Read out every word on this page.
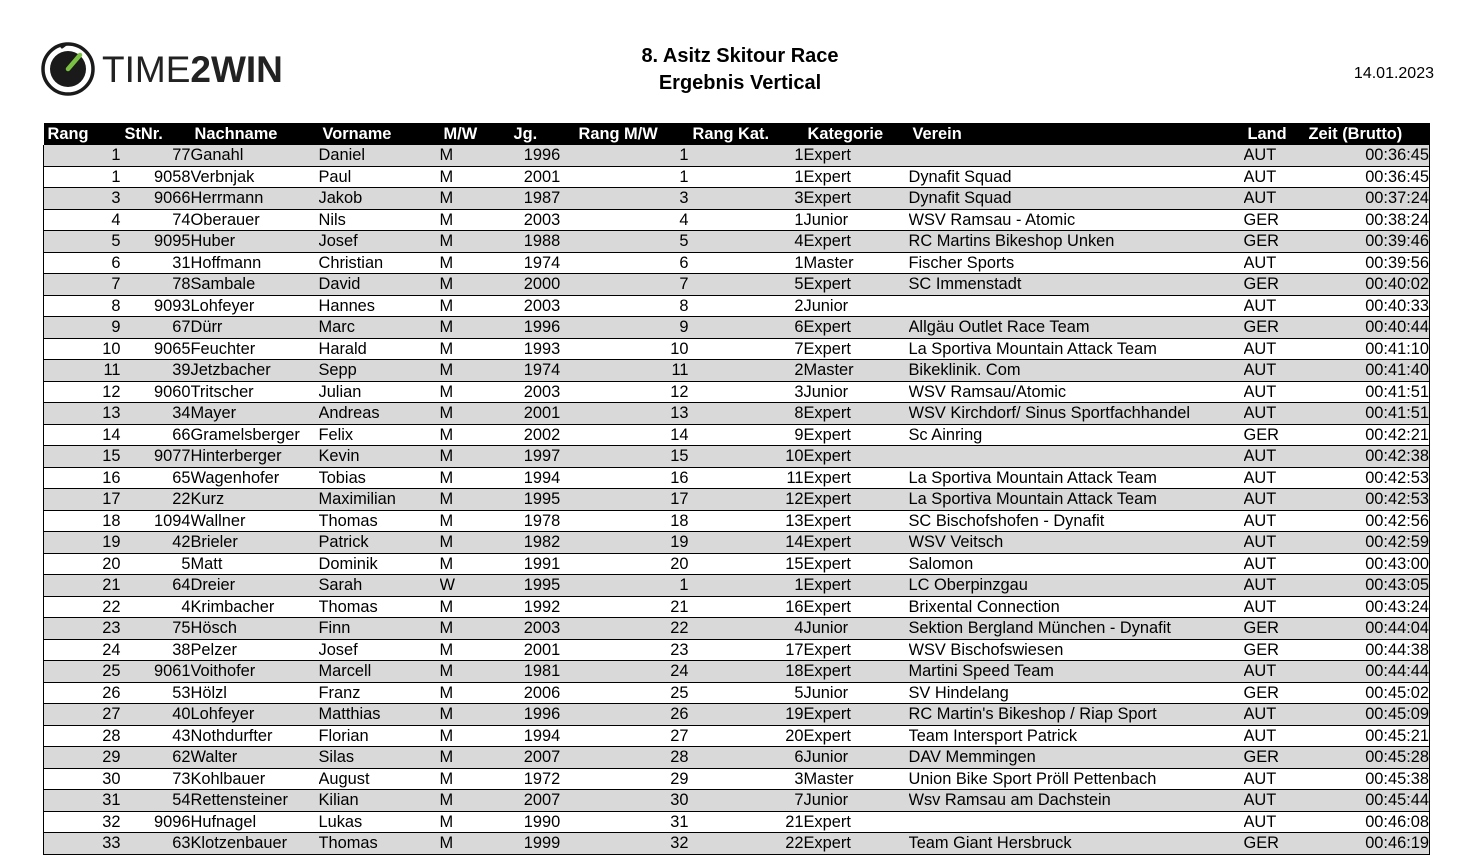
TIME2WIN	8. Asitz Skitour Race
Ergebnis Vertical	14.01.2023
Rang	StNr.	Nachname	Vorname	M/W	Jg.	Rang M/W	Rang Kat.	Kategorie	Verein	Land	Zeit (Brutto)
1	77	Ganahl	Daniel	M	1996	1	1	Expert		AUT	00:36:45
1	9058	Verbnjak	Paul	M	2001	1	1	Expert	Dynafit Squad	AUT	00:36:45
3	9066	Herrmann	Jakob	M	1987	3	3	Expert	Dynafit Squad	AUT	00:37:24
4	74	Oberauer	Nils	M	2003	4	1	Junior	WSV Ramsau - Atomic	GER	00:38:24
5	9095	Huber	Josef	M	1988	5	4	Expert	RC Martins Bikeshop Unken	GER	00:39:46
6	31	Hoffmann	Christian	M	1974	6	1	Master	Fischer Sports	AUT	00:39:56
7	78	Sambale	David	M	2000	7	5	Expert	SC Immenstadt	GER	00:40:02
8	9093	Lohfeyer	Hannes	M	2003	8	2	Junior		AUT	00:40:33
9	67	Dürr	Marc	M	1996	9	6	Expert	Allgäu Outlet Race Team	GER	00:40:44
10	9065	Feuchter	Harald	M	1993	10	7	Expert	La Sportiva Mountain Attack Team	AUT	00:41:10
11	39	Jetzbacher	Sepp	M	1974	11	2	Master	Bikeklinik. Com	AUT	00:41:40
12	9060	Tritscher	Julian	M	2003	12	3	Junior	WSV Ramsau/Atomic	AUT	00:41:51
13	34	Mayer	Andreas	M	2001	13	8	Expert	WSV Kirchdorf/ Sinus Sportfachhandel	AUT	00:41:51
14	66	Gramelsberger	Felix	M	2002	14	9	Expert	Sc Ainring	GER	00:42:21
15	9077	Hinterberger	Kevin	M	1997	15	10	Expert		AUT	00:42:38
16	65	Wagenhofer	Tobias	M	1994	16	11	Expert	La Sportiva Mountain Attack Team	AUT	00:42:53
17	22	Kurz	Maximilian	M	1995	17	12	Expert	La Sportiva Mountain Attack Team	AUT	00:42:53
18	1094	Wallner	Thomas	M	1978	18	13	Expert	SC Bischofshofen - Dynafit	AUT	00:42:56
19	42	Brieler	Patrick	M	1982	19	14	Expert	WSV Veitsch	AUT	00:42:59
20	5	Matt	Dominik	M	1991	20	15	Expert	Salomon	AUT	00:43:00
21	64	Dreier	Sarah	W	1995	1	1	Expert	LC Oberpinzgau	AUT	00:43:05
22	4	Krimbacher	Thomas	M	1992	21	16	Expert	Brixental Connection	AUT	00:43:24
23	75	Hösch	Finn	M	2003	22	4	Junior	Sektion Bergland München - Dynafit	GER	00:44:04
24	38	Pelzer	Josef	M	2001	23	17	Expert	WSV Bischofswiesen	GER	00:44:38
25	9061	Voithofer	Marcell	M	1981	24	18	Expert	Martini Speed Team	AUT	00:44:44
26	53	Hölzl	Franz	M	2006	25	5	Junior	SV Hindelang	GER	00:45:02
27	40	Lohfeyer	Matthias	M	1996	26	19	Expert	RC Martin's Bikeshop / Riap Sport	AUT	00:45:09
28	43	Nothdurfter	Florian	M	1994	27	20	Expert	Team Intersport Patrick	AUT	00:45:21
29	62	Walter	Silas	M	2007	28	6	Junior	DAV Memmingen	GER	00:45:28
30	73	Kohlbauer	August	M	1972	29	3	Master	Union Bike Sport Pröll Pettenbach	AUT	00:45:38
31	54	Rettensteiner	Kilian	M	2007	30	7	Junior	Wsv Ramsau am Dachstein	AUT	00:45:44
32	9096	Hufnagel	Lukas	M	1990	31	21	Expert		AUT	00:46:08
33	63	Klotzenbauer	Thomas	M	1999	32	22	Expert	Team Giant Hersbruck	GER	00:46:19
